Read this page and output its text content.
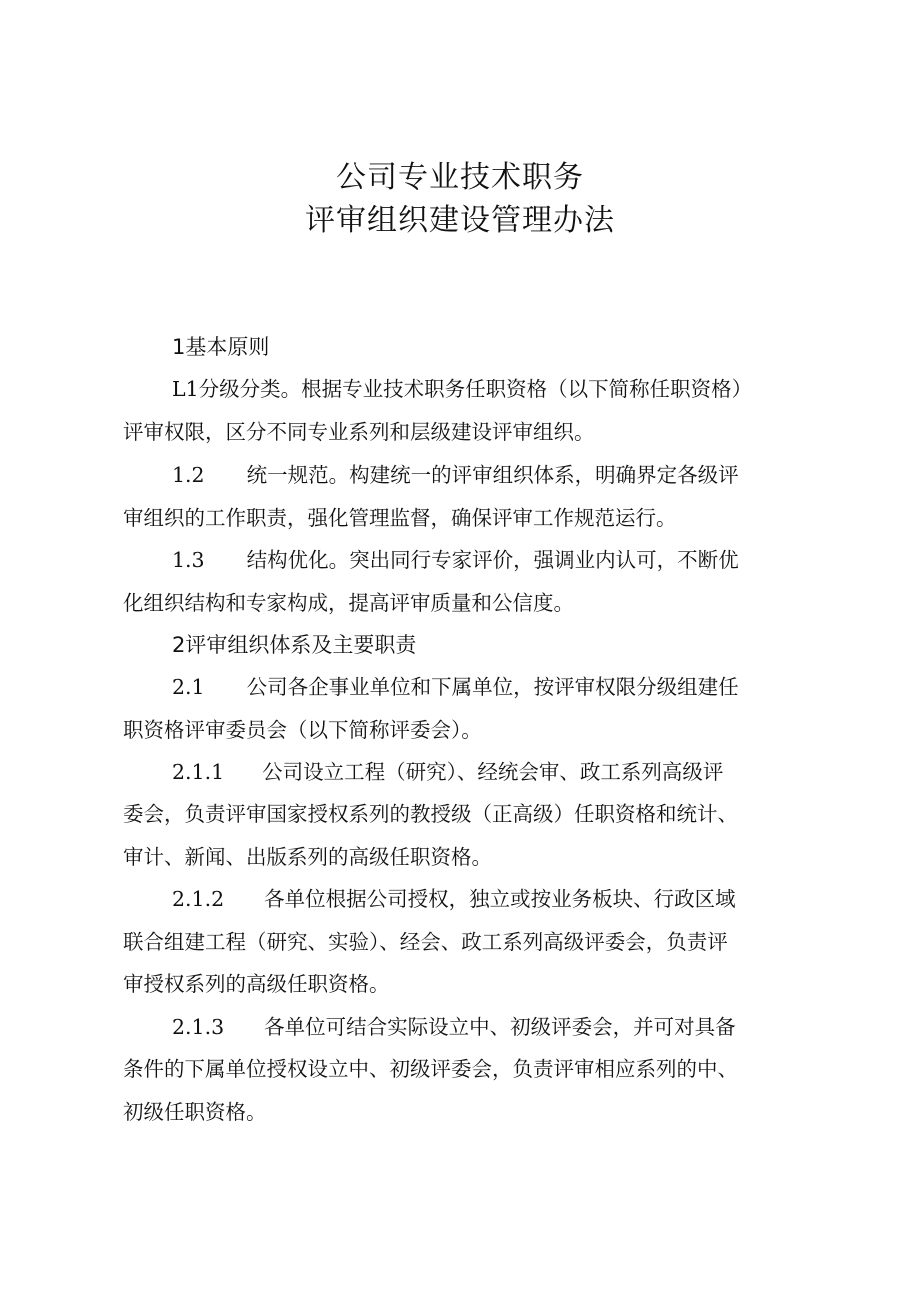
公司专业技术职务
评审组织建设管理办法
1基本原则
L1分级分类。根据专业技术职务任职资格（以下简称任职资格）
评审权限，区分不同专业系列和层级建设评审组织。
1.2 统一规范。构建统一的评审组织体系，明确界定各级评
审组织的工作职责，强化管理监督，确保评审工作规范运行。
1.3 结构优化。突出同行专家评价，强调业内认可，不断优
化组织结构和专家构成，提高评审质量和公信度。
2评审组织体系及主要职责
2.1 公司各企事业单位和下属单位，按评审权限分级组建任
职资格评审委员会（以下简称评委会）。
2.1.1 公司设立工程（研究）、经统会审、政工系列高级评
委会，负责评审国家授权系列的教授级（正高级）任职资格和统计、
审计、新闻、出版系列的高级任职资格。
2.1.2 各单位根据公司授权，独立或按业务板块、行政区域
联合组建工程（研究、实验）、经会、政工系列高级评委会，负责评
审授权系列的高级任职资格。
2.1.3 各单位可结合实际设立中、初级评委会，并可对具备
条件的下属单位授权设立中、初级评委会，负责评审相应系列的中、
初级任职资格。
